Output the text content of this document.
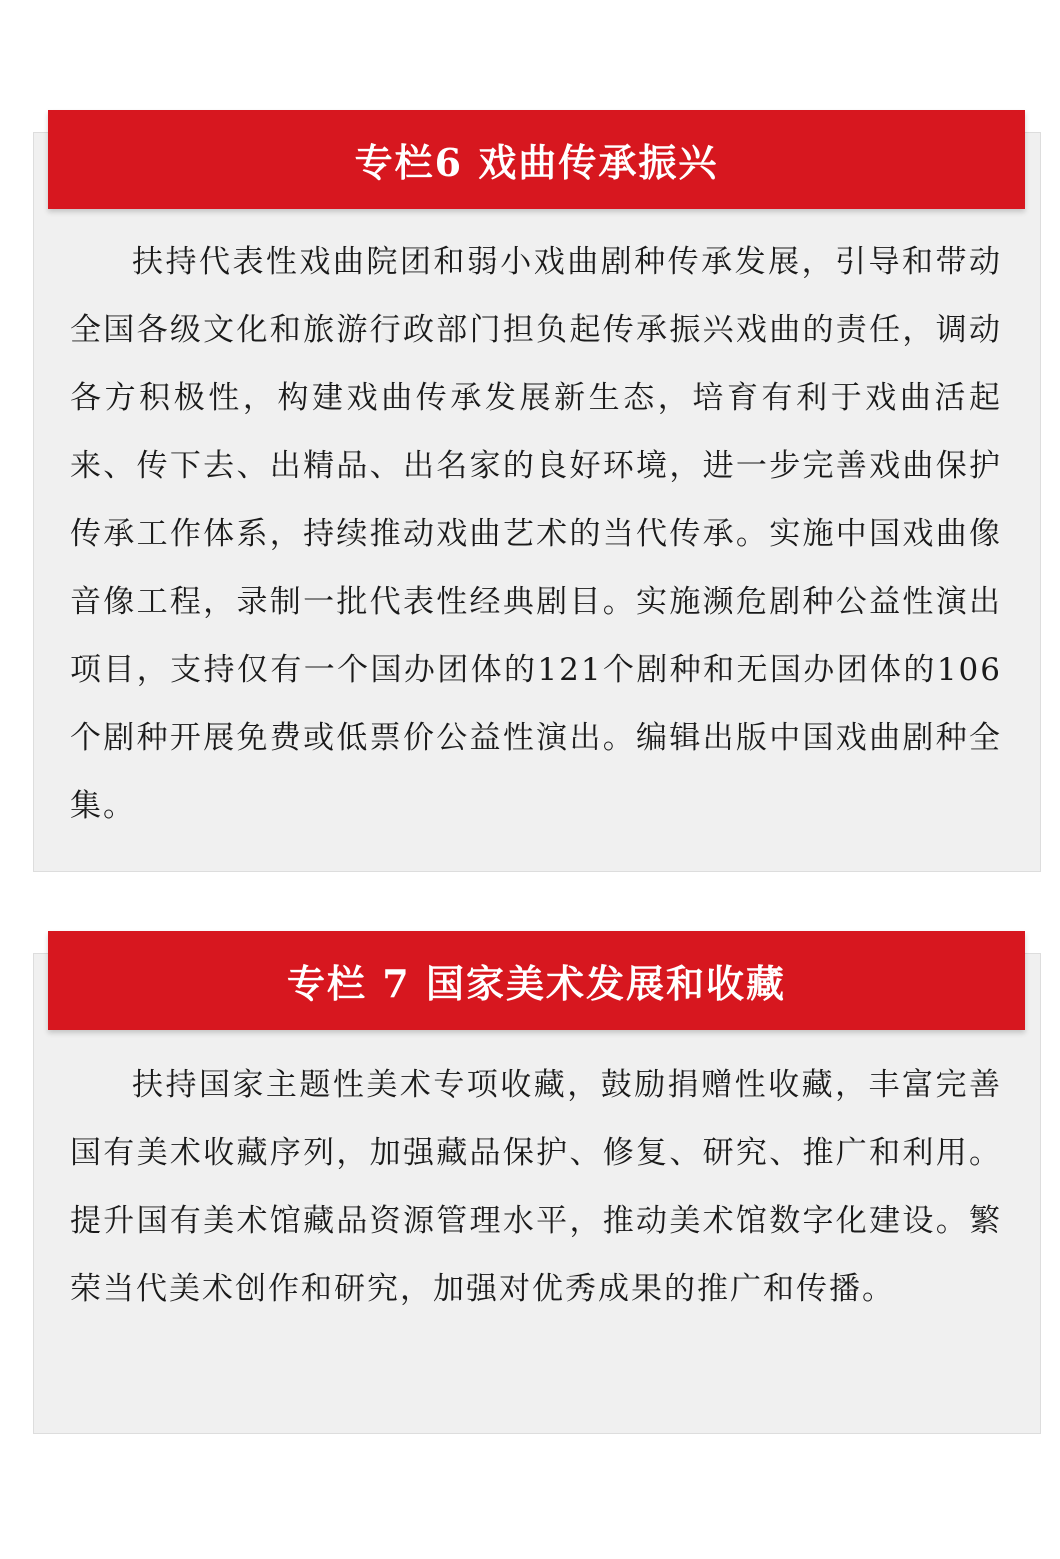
专栏6 戏曲传承振兴

扶持代表性戏曲院团和弱小戏曲剧种传承发展，引导和带动全国各级文化和旅游行政部门担负起传承振兴戏曲的责任，调动各方积极性，构建戏曲传承发展新生态，培育有利于戏曲活起来、传下去、出精品、出名家的良好环境，进一步完善戏曲保护传承工作体系，持续推动戏曲艺术的当代传承。实施中国戏曲像音像工程，录制一批代表性经典剧目。实施濒危剧种公益性演出项目，支持仅有一个国办团体的121个剧种和无国办团体的106个剧种开展免费或低票价公益性演出。编辑出版中国戏曲剧种全集。

专栏 7 国家美术发展和收藏

扶持国家主题性美术专项收藏，鼓励捐赠性收藏，丰富完善国有美术收藏序列，加强藏品保护、修复、研究、推广和利用。提升国有美术馆藏品资源管理水平，推动美术馆数字化建设。繁荣当代美术创作和研究，加强对优秀成果的推广和传播。
